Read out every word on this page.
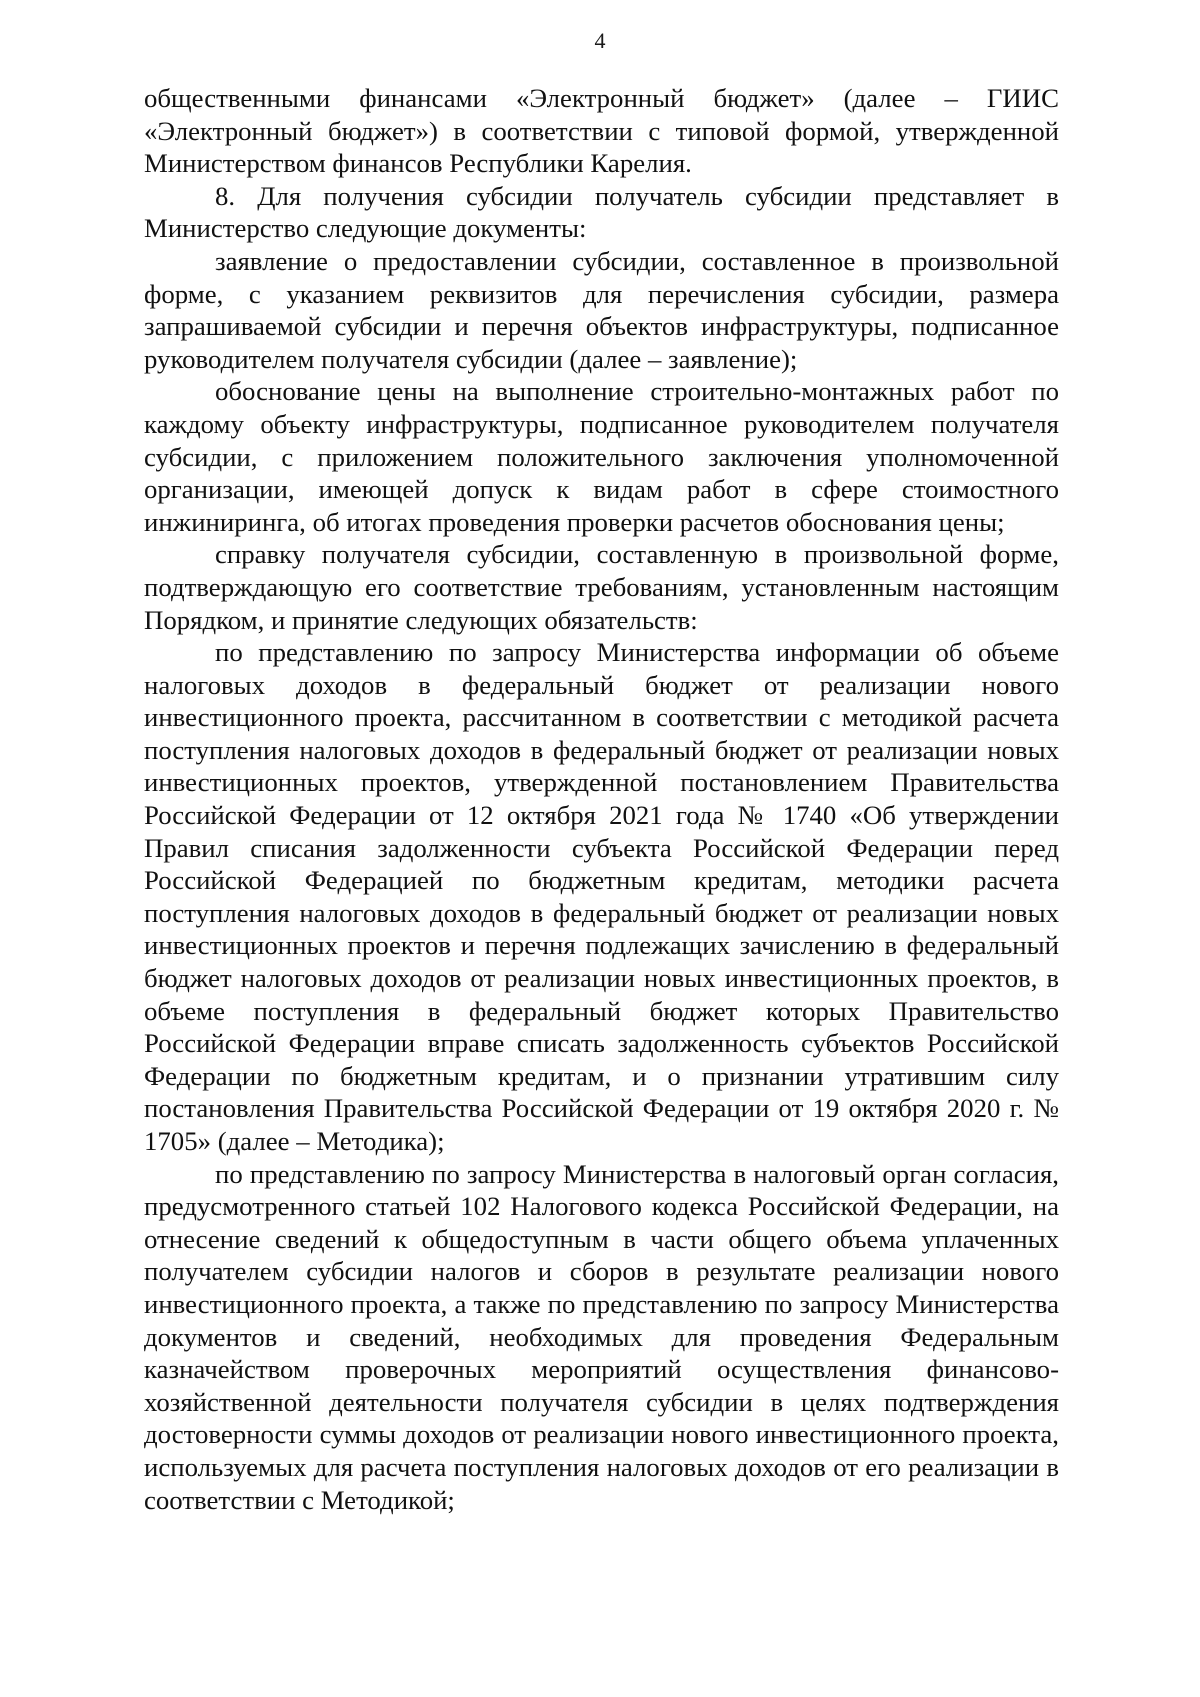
4

общественными финансами «Электронный бюджет» (далее – ГИИС «Электронный бюджет») в соответствии с типовой формой, утвержденной Министерством финансов Республики Карелия.

8. Для получения субсидии получатель субсидии представляет в Министерство следующие документы:

заявление о предоставлении субсидии, составленное в произвольной форме, с указанием реквизитов для перечисления субсидии, размера запрашиваемой субсидии и перечня объектов инфраструктуры, подписанное руководителем получателя субсидии (далее – заявление);

обоснование цены на выполнение строительно-монтажных работ по каждому объекту инфраструктуры, подписанное руководителем получателя субсидии, с приложением положительного заключения уполномоченной организации, имеющей допуск к видам работ в сфере стоимостного инжиниринга, об итогах проведения проверки расчетов обоснования цены;

справку получателя субсидии, составленную в произвольной форме, подтверждающую его соответствие требованиям, установленным настоящим Порядком, и принятие следующих обязательств:

по представлению по запросу Министерства информации об объеме налоговых доходов в федеральный бюджет от реализации нового инвестиционного проекта, рассчитанном в соответствии с методикой расчета поступления налоговых доходов в федеральный бюджет от реализации новых инвестиционных проектов, утвержденной постановлением Правительства Российской Федерации от 12 октября 2021 года № 1740 «Об утверждении Правил списания задолженности субъекта Российской Федерации перед Российской Федерацией по бюджетным кредитам, методики расчета поступления налоговых доходов в федеральный бюджет от реализации новых инвестиционных проектов и перечня подлежащих зачислению в федеральный бюджет налоговых доходов от реализации новых инвестиционных проектов, в объеме поступления в федеральный бюджет которых Правительство Российской Федерации вправе списать задолженность субъектов Российской Федерации по бюджетным кредитам, и о признании утратившим силу постановления Правительства Российской Федерации от 19 октября 2020 г. № 1705» (далее – Методика);

по представлению по запросу Министерства в налоговый орган согласия, предусмотренного статьей 102 Налогового кодекса Российской Федерации, на отнесение сведений к общедоступным в части общего объема уплаченных получателем субсидии налогов и сборов в результате реализации нового инвестиционного проекта, а также по представлению по запросу Министерства документов и сведений, необходимых для проведения Федеральным казначейством проверочных мероприятий осуществления финансово-хозяйственной деятельности получателя субсидии в целях подтверждения достоверности суммы доходов от реализации нового инвестиционного проекта, используемых для расчета поступления налоговых доходов от его реализации в соответствии с Методикой;
